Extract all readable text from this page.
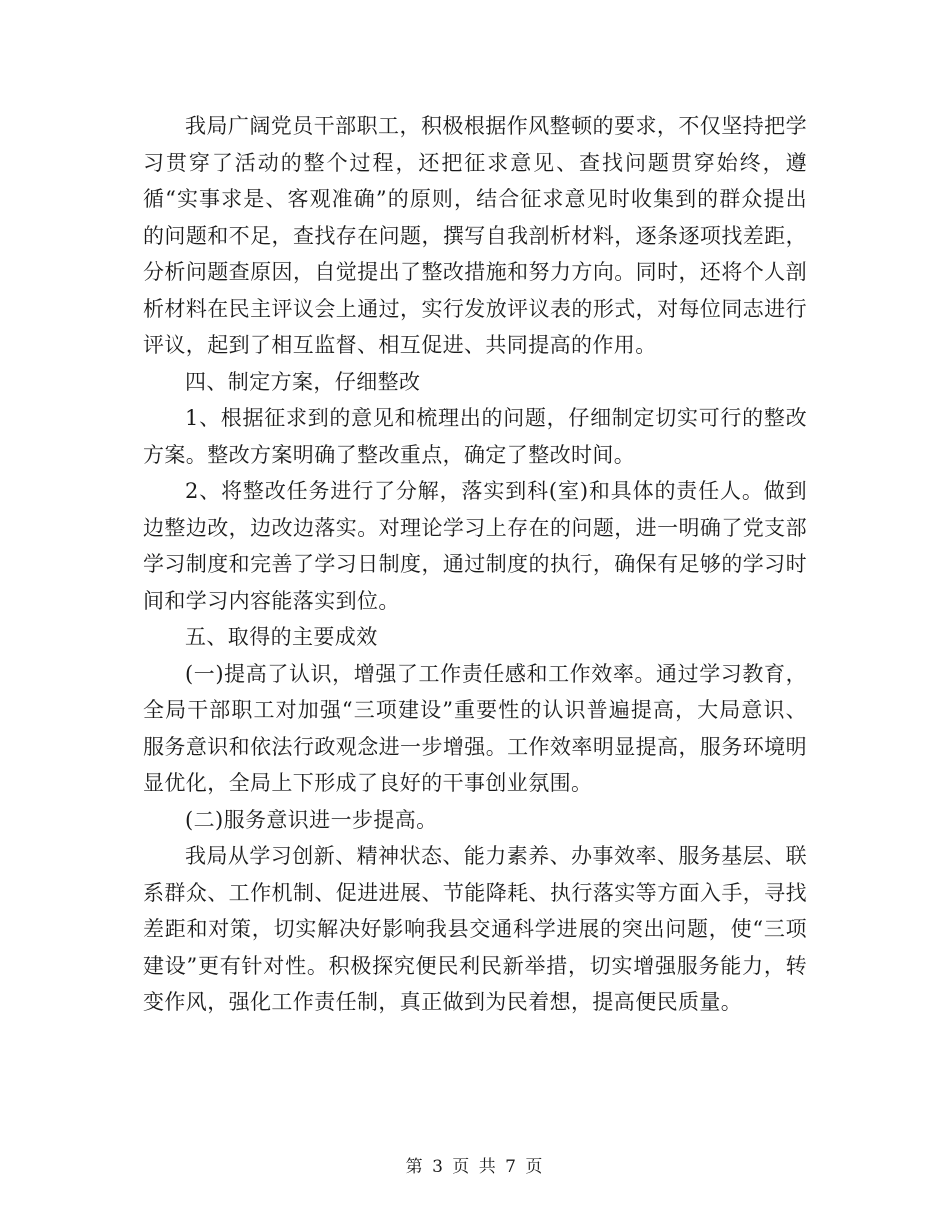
我局广阔党员干部职工，积极根据作风整顿的要求，不仅坚持把学习贯穿了活动的整个过程，还把征求意见、查找问题贯穿始终，遵循“实事求是、客观准确”的原则，结合征求意见时收集到的群众提出的问题和不足，查找存在问题，撰写自我剖析材料，逐条逐项找差距，分析问题查原因，自觉提出了整改措施和努力方向。同时，还将个人剖析材料在民主评议会上通过，实行发放评议表的形式，对每位同志进行评议，起到了相互监督、相互促进、共同提高的作用。

四、制定方案，仔细整改

1、根据征求到的意见和梳理出的问题，仔细制定切实可行的整改方案。整改方案明确了整改重点，确定了整改时间。

2、将整改任务进行了分解，落实到科(室)和具体的责任人。做到边整边改，边改边落实。对理论学习上存在的问题，进一明确了党支部学习制度和完善了学习日制度，通过制度的执行，确保有足够的学习时间和学习内容能落实到位。

五、取得的主要成效

(一)提高了认识，增强了工作责任感和工作效率。通过学习教育，全局干部职工对加强“三项建设”重要性的认识普遍提高，大局意识、服务意识和依法行政观念进一步增强。工作效率明显提高，服务环境明显优化，全局上下形成了良好的干事创业氛围。

(二)服务意识进一步提高。

我局从学习创新、精神状态、能力素养、办事效率、服务基层、联系群众、工作机制、促进进展、节能降耗、执行落实等方面入手，寻找差距和对策，切实解决好影响我县交通科学进展的突出问题，使“三项建设”更有针对性。积极探究便民利民新举措，切实增强服务能力，转变作风，强化工作责任制，真正做到为民着想，提高便民质量。

第 3 页 共 7 页
